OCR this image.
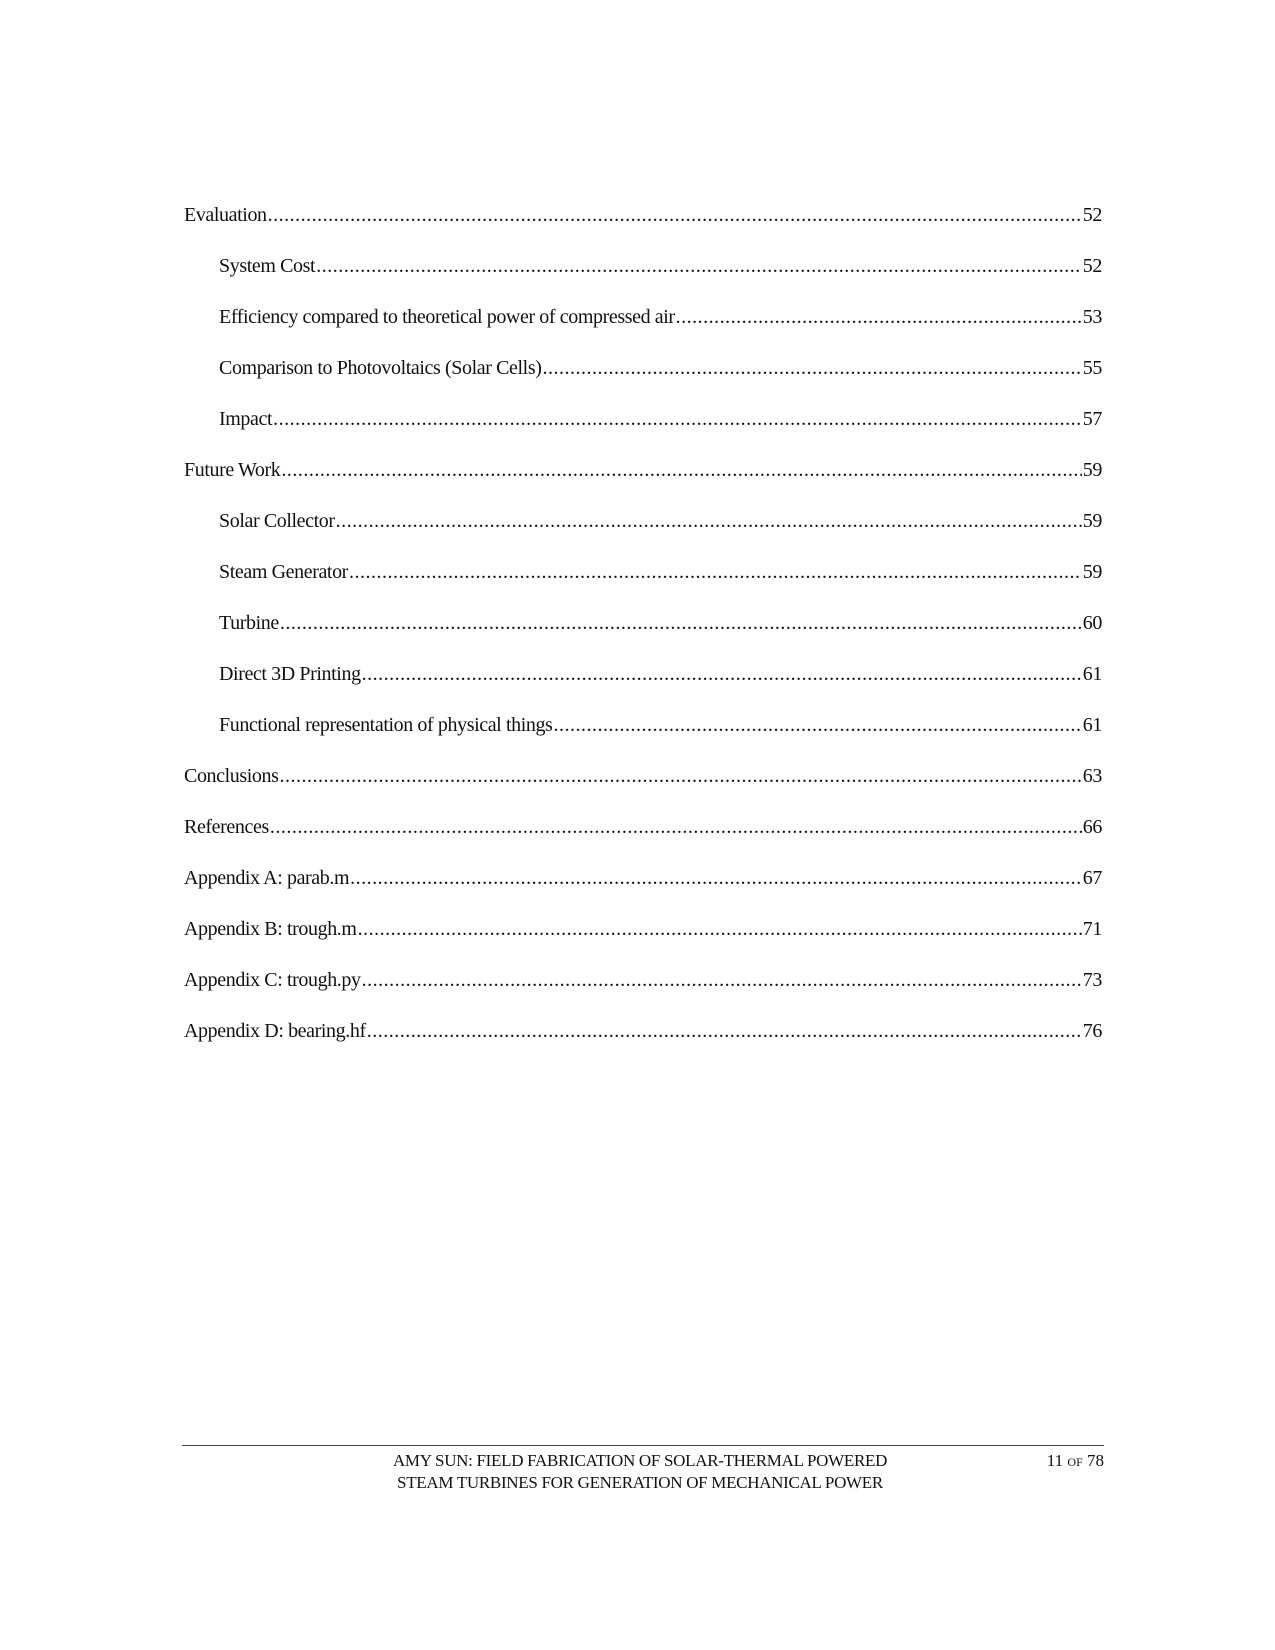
Evaluation .....	52
System Cost .....	52
Efficiency compared to theoretical power of compressed air .....	53
Comparison to Photovoltaics (Solar Cells) .....	55
Impact .....	57
Future Work .....	59
Solar Collector .....	59
Steam Generator .....	59
Turbine .....	60
Direct 3D Printing .....	61
Functional representation of physical things .....	61
Conclusions .....	63
References .....	66
Appendix A: parab.m .....	67
Appendix B: trough.m .....	71
Appendix C: trough.py .....	73
Appendix D: bearing.hf .....	76
AMY SUN: FIELD FABRICATION OF SOLAR-THERMAL POWERED
STEAM TURBINES FOR GENERATION OF MECHANICAL POWER
11 OF 78
